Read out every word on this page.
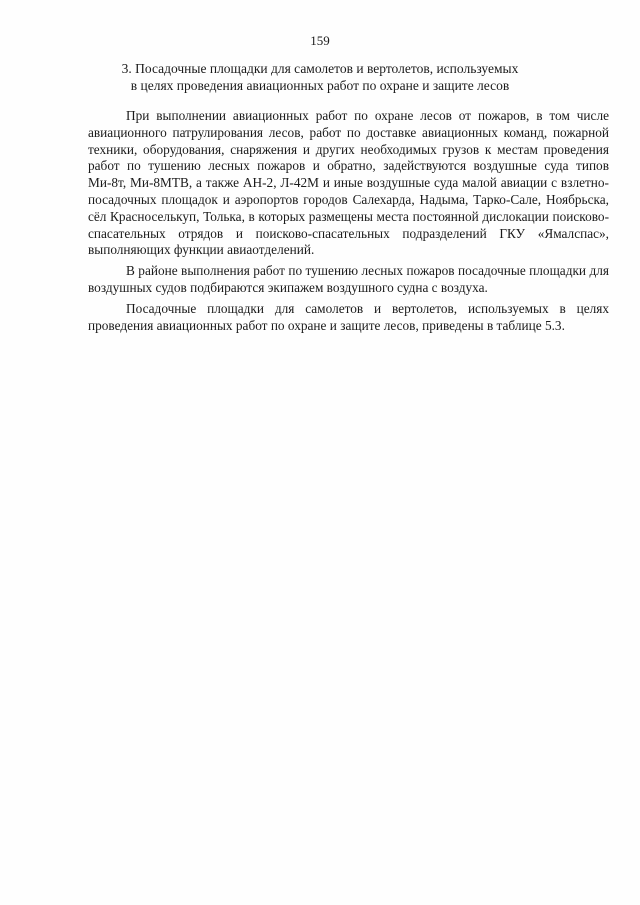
159
3. Посадочные площадки для самолетов и вертолетов, используемых
в целях проведения авиационных работ по охране и защите лесов

При выполнении авиационных работ по охране лесов от пожаров, в том числе авиационного патрулирования лесов, работ по доставке авиационных команд, пожарной техники, оборудования, снаряжения и других необходимых грузов к местам проведения работ по тушению лесных пожаров и обратно, задействуются воздушные суда типов Ми-8т, Ми-8МТВ, а также АН-2, Л-42М и иные воздушные суда малой авиации с взлетно-посадочных площадок и аэропортов городов Салехарда, Надыма, Тарко-Сале, Ноябрьска, сёл Красноселькуп, Толька, в которых размещены места постоянной дислокации поисково-спасательных отрядов и поисково-спасательных подразделений ГКУ «Ямалспас», выполняющих функции авиаотделений.

В районе выполнения работ по тушению лесных пожаров посадочные площадки для воздушных судов подбираются экипажем воздушного судна с воздуха.

Посадочные площадки для самолетов и вертолетов, используемых в целях проведения авиационных работ по охране и защите лесов, приведены в таблице 5.3.
